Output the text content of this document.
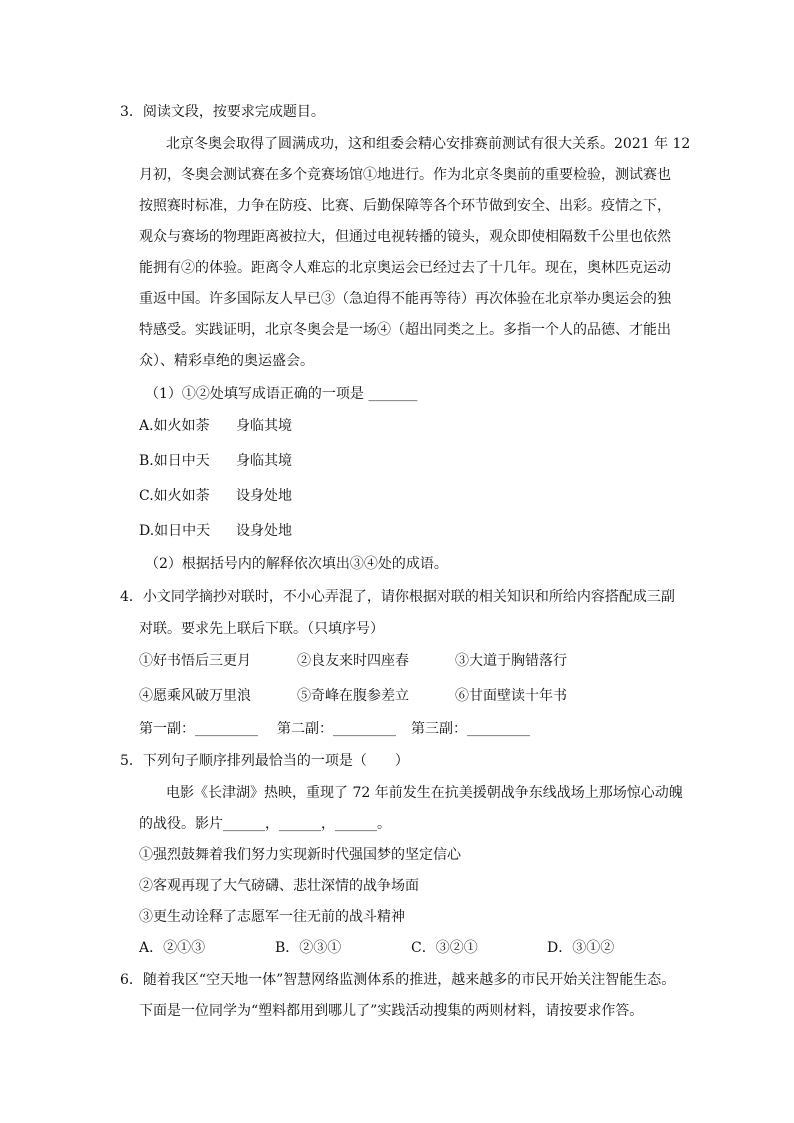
3．阅读文段，按要求完成题目。
北京冬奥会取得了圆满成功，这和组委会精心安排赛前测试有很大关系。2021 年 12
月初，冬奥会测试赛在多个竞赛场馆①地进行。作为北京冬奥前的重要检验，测试赛也
按照赛时标准，力争在防疫、比赛、后勤保障等各个环节做到安全、出彩。疫情之下，
观众与赛场的物理距离被拉大，但通过电视转播的镜头，观众即使相隔数千公里也依然
能拥有②的体验。距离令人难忘的北京奥运会已经过去了十几年。现在，奥林匹克运动
重返中国。许多国际友人早已③（急迫得不能再等待）再次体验在北京举办奥运会的独
特感受。实践证明，北京冬奥会是一场④（超出同类之上。多指一个人的品德、才能出
众）、精彩卓绝的奥运盛会。
（1）①②处填写成语正确的一项是 _______
A.如火如荼 身临其境
B.如日中天 身临其境
C.如火如荼 设身处地
D.如日中天 设身处地
（2）根据括号内的解释依次填出③④处的成语。
4．小文同学摘抄对联时，不小心弄混了，请你根据对联的相关知识和所给内容搭配成三副
对联。要求先上联后下联。（只填序号）
①好书悟后三更月	②良友来时四座春	③大道于胸错落行
④愿乘风破万里浪	⑤奇峰在腹参差立	⑥甘面壁读十年书
第一副：_________ 第二副：_________ 第三副：_________
5．下列句子顺序排列最恰当的一项是（　　）
电影《长津湖》热映，重现了 72 年前发生在抗美援朝战争东线战场上那场惊心动魄
的战役。影片______，______，______。
①强烈鼓舞着我们努力实现新时代强国梦的坚定信心
②客观再现了大气磅礴、悲壮深情的战争场面
③更生动诠释了志愿军一往无前的战斗精神
A．②①③	B．②③①	C．③②①	D．③①②
6．随着我区“空天地一体”智慧网络监测体系的推进，越来越多的市民开始关注智能生态。
下面是一位同学为“塑料都用到哪儿了”实践活动搜集的两则材料，请按要求作答。
